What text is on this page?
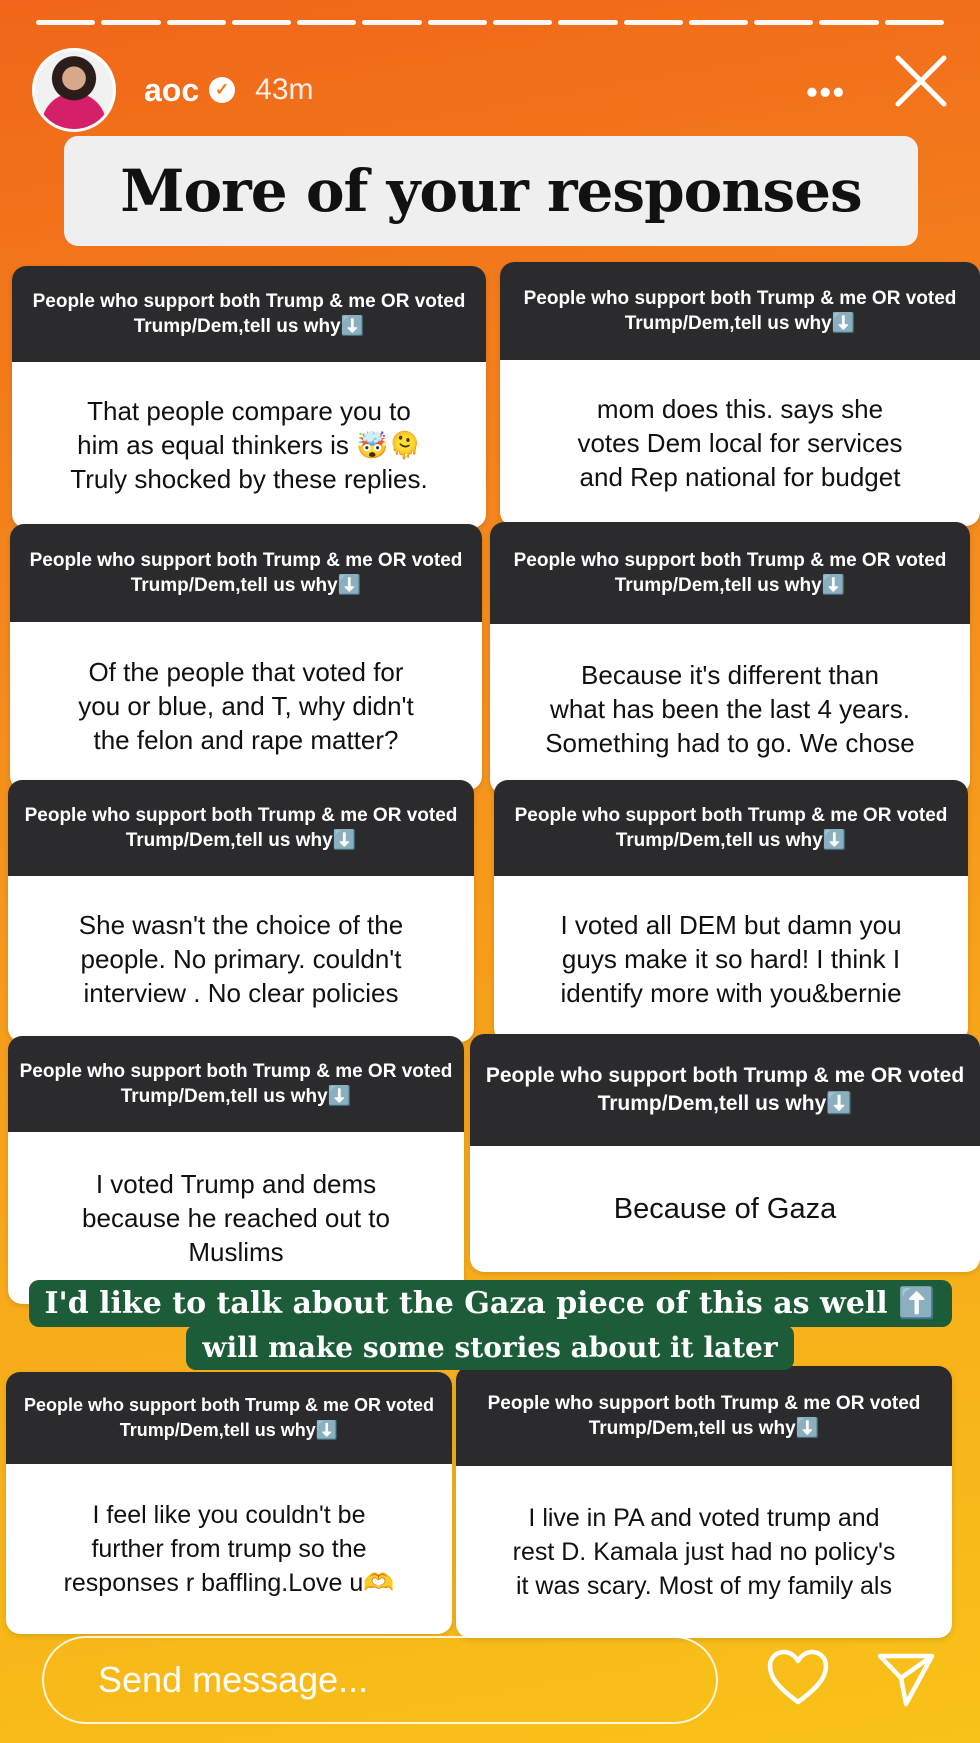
aoc ✓ 43m	•••
More of your responses
People who support both Trump & me OR voted Trump/Dem,tell us why⬇️
That people compare you to
him as equal thinkers is 🤯🫠
Truly shocked by these replies.
People who support both Trump & me OR voted Trump/Dem,tell us why⬇️
mom does this. says she
votes Dem local for services
and Rep national for budget
People who support both Trump & me OR voted Trump/Dem,tell us why⬇️
Of the people that voted for
you or blue, and T, why didn't
the felon and rape matter?
People who support both Trump & me OR voted Trump/Dem,tell us why⬇️
Because it's different than
what has been the last 4 years.
Something had to go. We chose
People who support both Trump & me OR voted Trump/Dem,tell us why⬇️
She wasn't the choice of the
people. No primary. couldn't
interview . No clear policies
People who support both Trump & me OR voted Trump/Dem,tell us why⬇️
I voted all DEM but damn you
guys make it so hard! I think I
identify more with you&bernie
People who support both Trump & me OR voted Trump/Dem,tell us why⬇️
I voted Trump and dems
because he reached out to
Muslims
People who support both Trump & me OR voted Trump/Dem,tell us why⬇️
Because of Gaza
People who support both Trump & me OR voted Trump/Dem,tell us why⬇️
I feel like you couldn't be
further from trump so the
responses r baffling.Love u🫶
People who support both Trump & me OR voted Trump/Dem,tell us why⬇️
I live in PA and voted trump and
rest D. Kamala just had no policy's
it was scary. Most of my family als
I'd like to talk about the Gaza piece of this as well ⬆️
will make some stories about it later
Send message...
